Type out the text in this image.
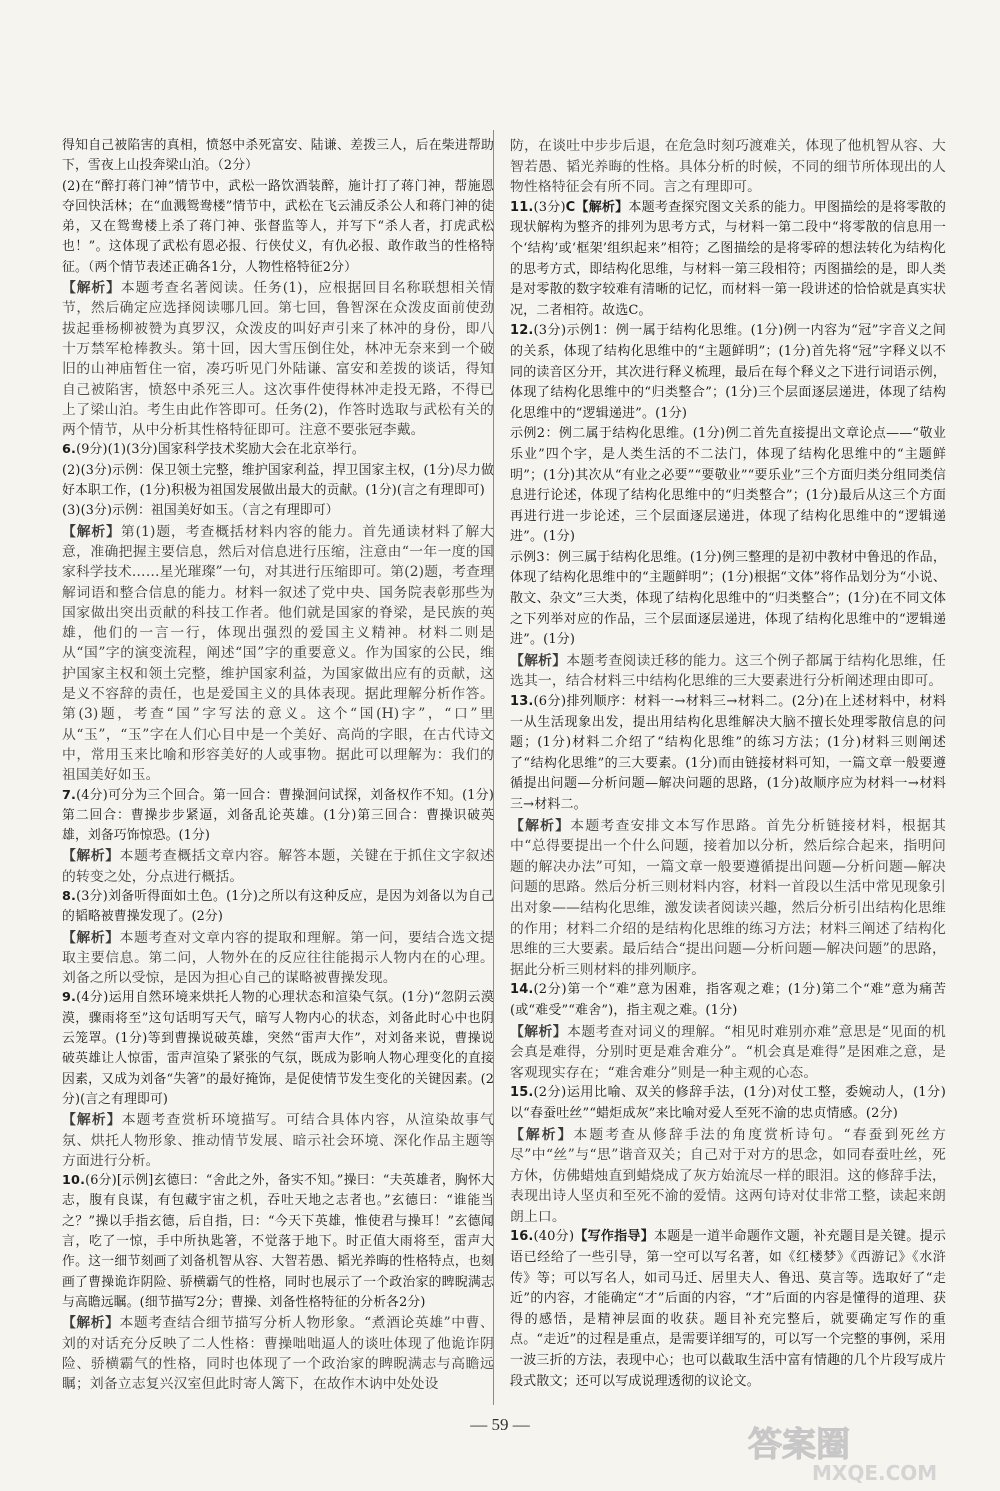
得知自己被陷害的真相，愤怒中杀死富安、陆谦、差拨三人，后在柴进帮助下，雪夜上山投奔梁山泊。（2分）

(2)在“醉打蒋门神”情节中，武松一路饮酒装醉，施计打了蒋门神，帮施恩夺回快活林；在“血溅鸳鸯楼”情节中，武松在飞云浦反杀公人和蒋门神的徒弟，又在鸳鸯楼上杀了蒋门神、张督监等人，并写下“杀人者，打虎武松也！”。这体现了武松有恩必报、行侠仗义，有仇必报、敢作敢当的性格特征。（两个情节表述正确各1分，人物性格特征2分）

【解析】本题考查名著阅读。任务(1)，应根据回目名称联想相关情节，然后确定应选择阅读哪几回。第七回，鲁智深在众泼皮面前使劲拔起垂杨柳被赞为真罗汉，众泼皮的叫好声引来了林冲的身份，即八十万禁军枪棒教头。第十回，因大雪压倒住处，林冲无奈来到一个破旧的山神庙暂住一宿，凑巧听见门外陆谦、富安和差拨的谈话，得知自己被陷害，愤怒中杀死三人。这次事件使得林冲走投无路，不得已上了梁山泊。考生由此作答即可。任务(2)，作答时选取与武松有关的两个情节，从中分析其性格特征即可。注意不要张冠李戴。

6.(9分)(1)(3分)国家科学技术奖励大会在北京举行。

(2)(3分)示例：保卫领土完整，维护国家利益，捍卫国家主权，(1分)尽力做好本职工作，(1分)积极为祖国发展做出最大的贡献。(1分)(言之有理即可)

(3)(3分)示例：祖国美好如玉。（言之有理即可）

【解析】第(1)题，考查概括材料内容的能力。首先通读材料了解大意，准确把握主要信息，然后对信息进行压缩，注意由“一年一度的国家科学技术……星光璀璨”一句，对其进行压缩即可。第(2)题，考查理解词语和整合信息的能力。材料一叙述了党中央、国务院表彰那些为国家做出突出贡献的科技工作者。他们就是国家的脊梁，是民族的英雄，他们的一言一行，体现出强烈的爱国主义精神。材料二则是从“国”字的演变流程，阐述“国”字的重要意义。作为国家的公民，维护国家主权和领土完整，维护国家利益，为国家做出应有的贡献，这是义不容辞的责任，也是爱国主义的具体表现。据此理解分析作答。第(3)题，考查“国”字写法的意义。这个“国(H)字”，“口”里从“玉”，“玉”字在人们心目中是一个美好、高尚的字眼，在古代诗文中，常用玉来比喻和形容美好的人或事物。据此可以理解为：我们的祖国美好如玉。

7.(4分)可分为三个回合。第一回合：曹操洄问试探，刘备权作不知。(1分)第二回合：曹操步步紧逼，刘备乱论英雄。(1分)第三回合：曹操识破英雄，刘备巧饰惊恐。(1分)

【解析】本题考查概括文章内容。解答本题，关键在于抓住文字叙述的转变之处，分点进行概括。

8.(3分)刘备听得面如土色。(1分)之所以有这种反应，是因为刘备以为自己的韬略被曹操发现了。(2分)

【解析】本题考查对文章内容的提取和理解。第一问，要结合选文提取主要信息。第二问，人物外在的反应往往能揭示人物内在的心理。刘备之所以受惊，是因为担心自己的谋略被曹操发现。

9.(4分)运用自然环境来烘托人物的心理状态和渲染气氛。(1分)“忽阴云漠漠，骤雨将至”这句话明写天气，暗写人物内心的状态，刘备此时心中也阴云笼罩。(1分)等到曹操说破英雄，突然“雷声大作”，对刘备来说，曹操说破英雄让人惊雷，雷声渲染了紧张的气氛，既成为影响人物心理变化的直接因素，又成为刘备“失箸”的最好掩饰，是促使情节发生变化的关键因素。(2分)(言之有理即可)

【解析】本题考查赏析环境描写。可结合具体内容，从渲染故事气氛、烘托人物形象、推动情节发展、暗示社会环境、深化作品主题等方面进行分析。

10.(6分)[示例]玄德曰：“舍此之外，备实不知。”操曰：“夫英雄者，胸怀大志，腹有良谋，有包藏宇宙之机，吞吐天地之志者也。”玄德曰：“谁能当之？”操以手指玄德，后自指，曰：“今天下英雄，惟使君与操耳！”玄德闻言，吃了一惊，手中所执匙箸，不觉落于地下。时正值大雨将至，雷声大作。这一细节刻画了刘备机智从容、大智若愚、韬光养晦的性格特点，也刻画了曹操诡诈阴险、骄横霸气的性格，同时也展示了一个政治家的睥睨满志与高瞻远瞩。(细节描写2分；曹操、刘备性格特征的分析各2分)

【解析】本题考查结合细节描写分析人物形象。“煮酒论英雄”中曹、刘的对话充分反映了二人性格：曹操咄咄逼人的谈吐体现了他诡诈阴险、骄横霸气的性格，同时也体现了一个政治家的睥睨满志与高瞻远瞩；刘备立志复兴汉室但此时寄人篱下，在故作木讷中处处设

防，在谈吐中步步后退，在危急时刻巧渡难关，体现了他机智从容、大智若愚、韬光养晦的性格。具体分析的时候，不同的细节所体现出的人物性格特征会有所不同。言之有理即可。

11.(3分)C【解析】本题考查探究图文关系的能力。甲图描绘的是将零散的现状解构为整齐的排列为思考方式，与材料一第二段中“将零散的信息用一个‘结构’或‘框架’组织起来”相符；乙图描绘的是将零碎的想法转化为结构化的思考方式，即结构化思维，与材料一第三段相符；丙图描绘的是，即人类是对零散的数字较难有清晰的记忆，而材料一第一段讲述的恰恰就是真实状况，二者相符。故选C。

12.(3分)示例1：例一属于结构化思维。(1分)例一内容为“冠”字音义之间的关系，体现了结构化思维中的“主题鲜明”；(1分)首先将“冠”字释义以不同的读音区分开，其次进行释义梳理，最后在每个释义之下进行词语示例，体现了结构化思维中的“归类整合”；(1分)三个层面逐层递进，体现了结构化思维中的“逻辑递进”。(1分)

示例2：例二属于结构化思维。(1分)例二首先直接提出文章论点——“敬业乐业”四个字，是人类生活的不二法门，体现了结构化思维中的“主题鲜明”；(1分)其次从“有业之必要”“要敬业”“要乐业”三个方面归类分组同类信息进行论述，体现了结构化思维中的“归类整合”；(1分)最后从这三个方面再进行进一步论述，三个层面逐层递进，体现了结构化思维中的“逻辑递进”。(1分)

示例3：例三属于结构化思维。(1分)例三整理的是初中教材中鲁迅的作品，体现了结构化思维中的“主题鲜明”；(1分)根据“文体”将作品划分为“小说、散文、杂文”三大类，体现了结构化思维中的“归类整合”；(1分)在不同文体之下列举对应的作品，三个层面逐层递进，体现了结构化思维中的“逻辑递进”。(1分)

【解析】本题考查阅读迁移的能力。这三个例子都属于结构化思维，任选其一，结合材料三中结构化思维的三大要素进行分析阐述理由即可。

13.(6分)排列顺序：材料一→材料三→材料二。(2分)在上述材料中，材料一从生活现象出发，提出用结构化思维解决大脑不擅长处理零散信息的问题；(1分)材料二介绍了“结构化思维”的练习方法；(1分)材料三则阐述了“结构化思维”的三大要素。(1分)而由链接材料可知，一篇文章一般要遵循提出问题—分析问题—解决问题的思路，(1分)故顺序应为材料一→材料三→材料二。

【解析】本题考查安排文本写作思路。首先分析链接材料，根据其中“总得要提出一个什么问题，接着加以分析，然后综合起来，指明问题的解决办法”可知，一篇文章一般要遵循提出问题—分析问题—解决问题的思路。然后分析三则材料内容，材料一首段以生活中常见现象引出对象——结构化思维，激发读者阅读兴趣，然后分析引出结构化思维的作用；材料二介绍的是结构化思维的练习方法；材料三阐述了结构化思维的三大要素。最后结合“提出问题—分析问题—解决问题”的思路，据此分析三则材料的排列顺序。

14.(2分)第一个“难”意为困难，指客观之难；(1分)第二个“难”意为痛苦(或“难受”“难舍”)，指主观之难。(1分)

【解析】本题考查对词义的理解。“相见时难别亦难”意思是“见面的机会真是难得，分别时更是难舍难分”。“机会真是难得”是困难之意，是客观现实存在；“难舍难分”则是一种主观的心态。

15.(2分)运用比喻、双关的修辞手法，(1分)对仗工整，委婉动人，(1分)以“春蚕吐丝”“蜡炬成灰”来比喻对爱人至死不渝的忠贞情感。(2分)

【解析】本题考查从修辞手法的角度赏析诗句。“春蚕到死丝方尽”中“丝”与“思”谐音双关；自己对于对方的思念，如同春蚕吐丝，死方休，仿佛蜡烛直到蜡烧成了灰方始流尽一样的眼泪。这的修辞手法，表现出诗人坚贞和至死不渝的爱情。这两句诗对仗非常工整，读起来朗朗上口。

16.(40分)【写作指导】本题是一道半命题作文题，补充题目是关键。提示语已经给了一些引导，第一空可以写名著，如《红楼梦》《西游记》《水浒传》等；可以写名人，如司马迁、居里夫人、鲁迅、莫言等。选取好了“走近”的内容，才能确定“才”后面的内容，“才”后面的内容是懂得的道理、获得的感悟，是精神层面的收获。题目补充完整后，就要确定写作的重点。“走近”的过程是重点，是需要详细写的，可以写一个完整的事例，采用一波三折的方法，表现中心；也可以截取生活中富有情趣的几个片段写成片段式散文；还可以写成说理透彻的议论文。

— 59 —
答案圈
MXQE.COM
